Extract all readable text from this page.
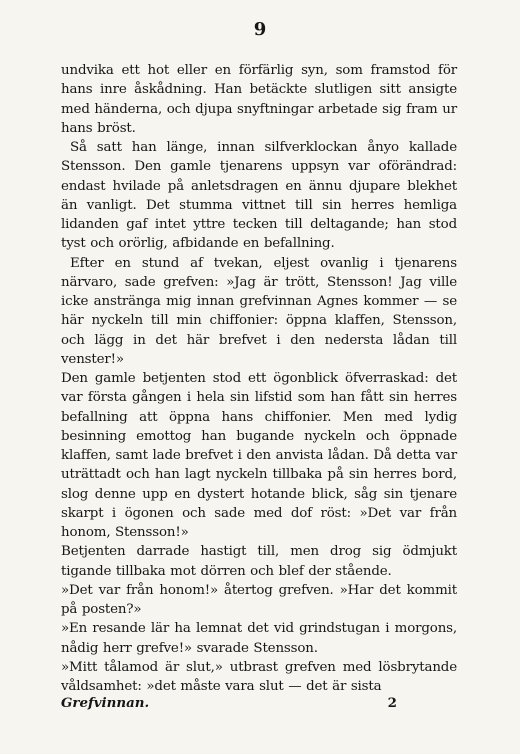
9

undvika ett hot eller en förfärlig syn, som framstod för hans inre åskådning. Han betäckte slutligen sitt ansigte med händerna, och djupa snyftningar arbetade sig fram ur hans bröst.

Så satt han länge, innan silfverklockan ånyo kallade Stensson. Den gamle tjenarens uppsyn var oförändrad: endast hvilade på anletsdragen en ännu djupare blekhet än vanligt. Det stumma vittnet till sin herres hemliga lidanden gaf intet yttre tecken till deltagande; han stod tyst och orörlig, afbidande en befallning.

Efter en stund af tvekan, eljest ovanlig i tjenarens närvaro, sade grefven: »Jag är trött, Stensson! Jag ville icke anstränga mig innan grefvinnan Agnes kommer — se här nyckeln till min chiffonier: öppna klaffen, Stensson, och lägg in det här brefvet i den nedersta lådan till venster!»

Den gamle betjenten stod ett ögonblick öfverraskad: det var första gången i hela sin lifstid som han fått sin herres befallning att öppna hans chiffonier. Men med lydig besinning emottog han bugande nyckeln och öppnade klaffen, samt lade brefvet i den anvista lådan. Då detta var uträttadt och han lagt nyckeln tillbaka på sin herres bord, slog denne upp en dystert hotande blick, såg sin tjenare skarpt i ögonen och sade med dof röst: »Det var från honom, Stensson!»

Betjenten darrade hastigt till, men drog sig ödmjukt tigande tillbaka mot dörren och blef der stående.

»Det var från honom!» återtog grefven. »Har det kommit på posten?»

»En resande lär ha lemnat det vid grindstugan i morgons, nådig herr grefve!» svarade Stensson.

»Mitt tålamod är slut,» utbrast grefven med lösbrytande våldsamhet: »det måste vara slut — det är sista

Grefvinnan.	2
